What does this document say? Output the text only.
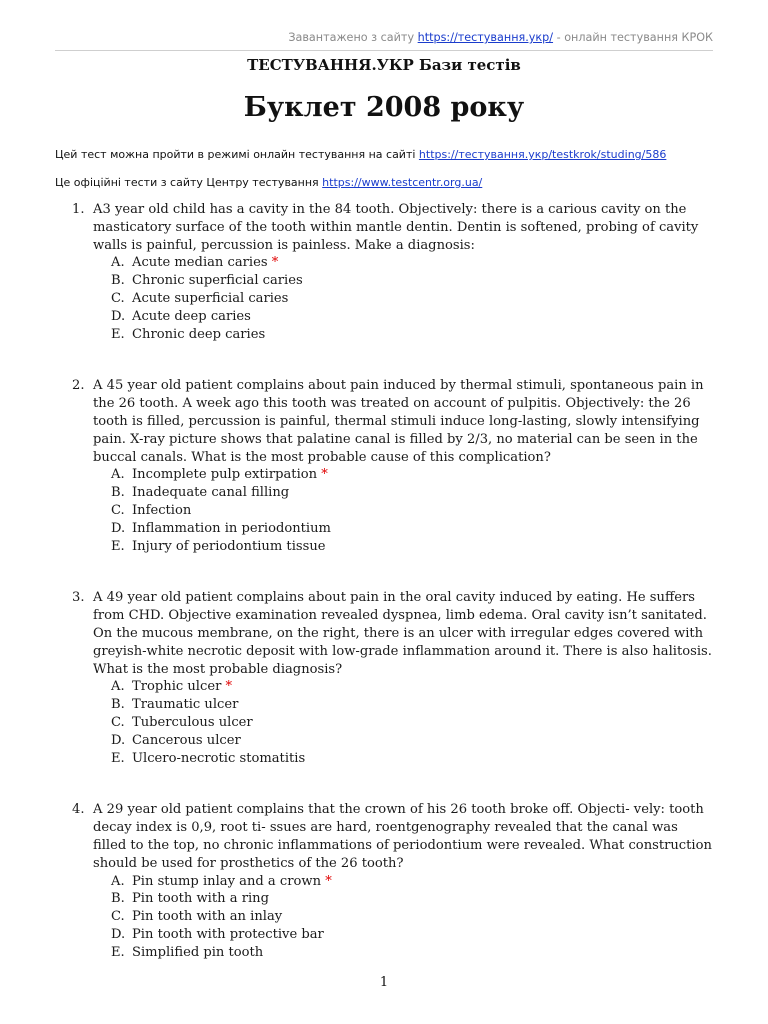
Завантажено з сайту https://тестування.укр/ - онлайн тестування КРОК
ТЕСТУВАННЯ.УКР Бази тестів
Буклет 2008 року
Цей тест можна пройти в режимі онлайн тестування на сайті https://тестування.укр/testkrok/studing/586
Це офіційні тести з сайту Центру тестування https://www.testcentr.org.ua/
1. A3 year old child has a cavity in the 84 tooth. Objectively: there is a carious cavity on the masticatory surface of the tooth within mantle dentin. Dentin is softened, probing of cavity walls is painful, percussion is painless. Make a diagnosis:
A. Acute median caries *
B. Chronic superficial caries
C. Acute superficial caries
D. Acute deep caries
E. Chronic deep caries
2. A 45 year old patient complains about pain induced by thermal stimuli, spontaneous pain in the 26 tooth. A week ago this tooth was treated on account of pulpitis. Objectively: the 26 tooth is filled, percussion is painful, thermal stimuli induce long-lasting, slowly intensifying pain. X-ray picture shows that palatine canal is filled by 2/3, no material can be seen in the buccal canals. What is the most probable cause of this complication?
A. Incomplete pulp extirpation *
B. Inadequate canal filling
C. Infection
D. Inflammation in periodontium
E. Injury of periodontium tissue
3. A 49 year old patient complains about pain in the oral cavity induced by eating. He suffers from CHD. Objective examination revealed dyspnea, limb edema. Oral cavity isn’t sanitated. On the mucous membrane, on the right, there is an ulcer with irregular edges covered with greyish-white necrotic deposit with low-grade inflammation around it. There is also halitosis. What is the most probable diagnosis?
A. Trophic ulcer *
B. Traumatic ulcer
C. Tuberculous ulcer
D. Cancerous ulcer
E. Ulcero-necrotic stomatitis
4. A 29 year old patient complains that the crown of his 26 tooth broke off. Objecti- vely: tooth decay index is 0,9, root ti- ssues are hard, roentgenography revealed that the canal was filled to the top, no chronic inflammations of periodontium were revealed. What construction should be used for prosthetics of the 26 tooth?
A. Pin stump inlay and a crown *
B. Pin tooth with a ring
C. Pin tooth with an inlay
D. Pin tooth with protective bar
E. Simplified pin tooth
1
